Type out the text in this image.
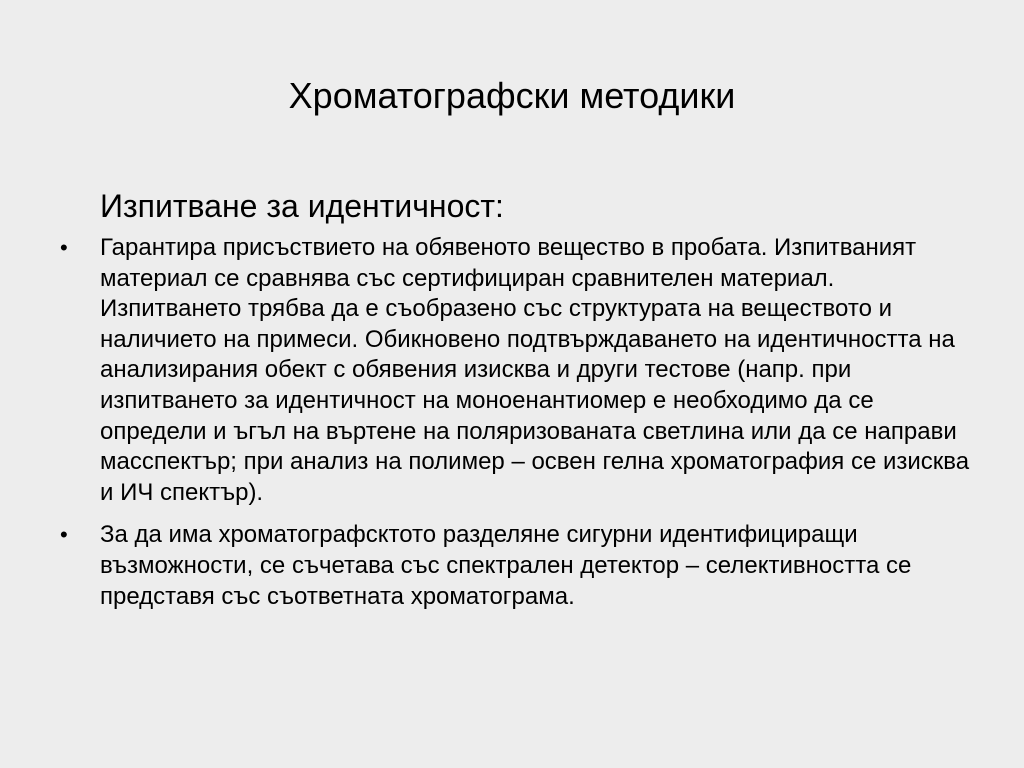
Хроматографски методики
Изпитване за идентичност:
•	Гарантира присъствието на обявеното вещество в пробата. Изпитваният материал се сравнява със сертифициран сравнителен материал. Изпитването трябва да е съобразено със структурата на веществото и наличието на примеси. Обикновено подтвърждаването на идентичността на анализирания обект с обявения изисква и други тестове (напр. при изпитването за идентичност на моноенантиомер е необходимо да се определи и ъгъл на въртене на поляризованата светлина или да се направи масспектър; при анализ на полимер – освен гелна хроматография се изисква и ИЧ спектър).
•	За да има хроматографсктото разделяне сигурни идентифициращи възможности, се съчетава със спектрален детектор – селективността се представя със съответната хроматограма.
